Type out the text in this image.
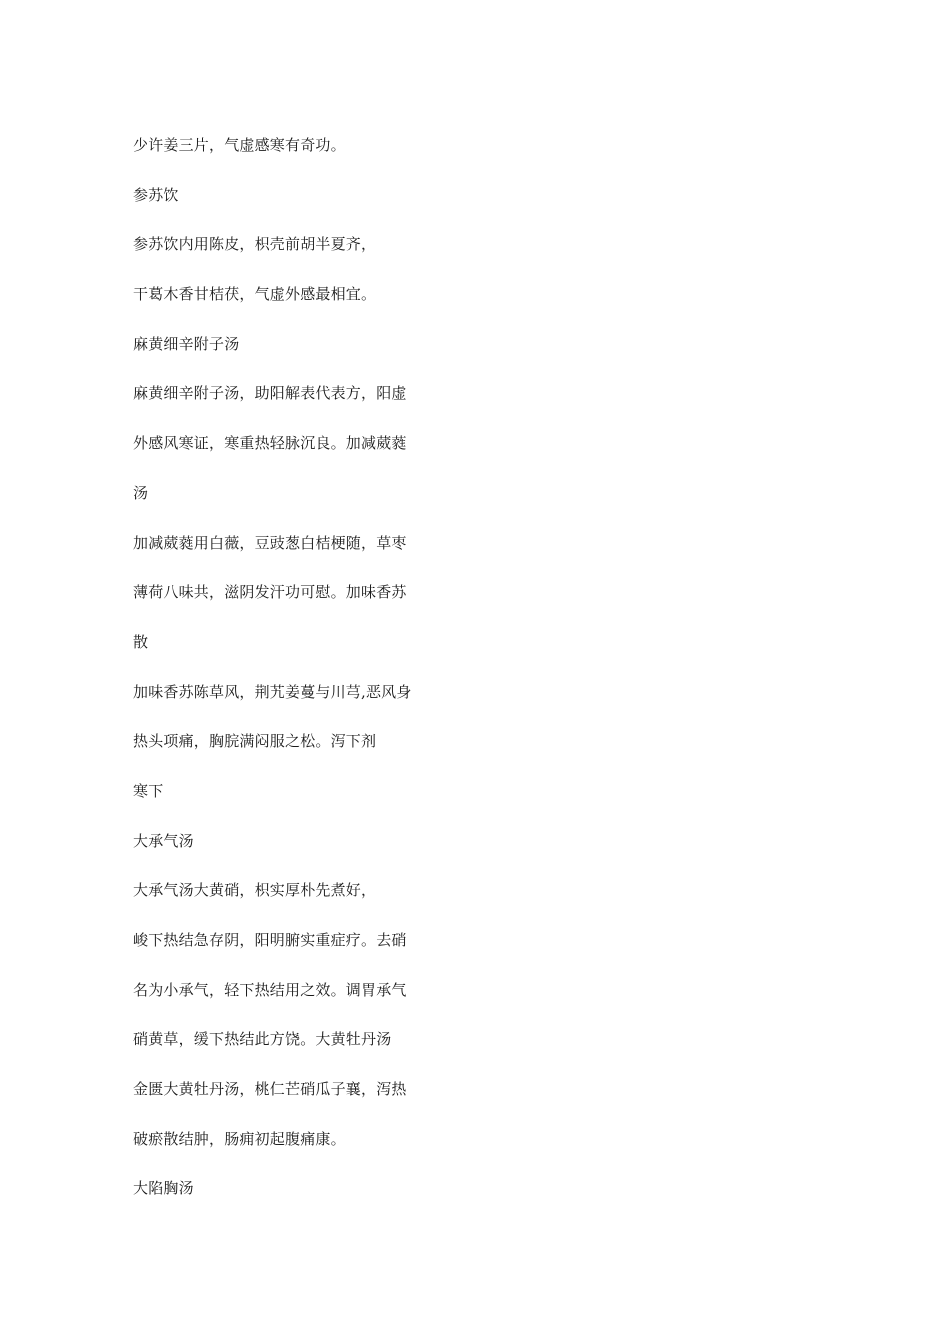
少许姜三片，气虚感寒有奇功。
参苏饮
参苏饮内用陈皮，枳壳前胡半夏齐，
干葛木香甘桔茯，气虚外感最相宜。
麻黄细辛附子汤
麻黄细辛附子汤，助阳解表代表方，阳虚
外感风寒证，寒重热轻脉沉良。加减葳蕤
汤
加减葳蕤用白薇，豆豉葱白桔梗随，草枣
薄荷八味共，滋阴发汗功可慰。加味香苏
散
加味香苏陈草风，荆艽姜蔓与川芎,恶风身
热头项痛，胸脘满闷服之松。泻下剂
寒下
大承气汤
大承气汤大黄硝，枳实厚朴先煮好，
峻下热结急存阴，阳明腑实重症疗。去硝
名为小承气，轻下热结用之效。调胃承气
硝黄草，缓下热结此方饶。大黄牡丹汤
金匮大黄牡丹汤，桃仁芒硝瓜子襄，泻热
破瘀散结肿，肠痈初起腹痛康。
大陷胸汤
